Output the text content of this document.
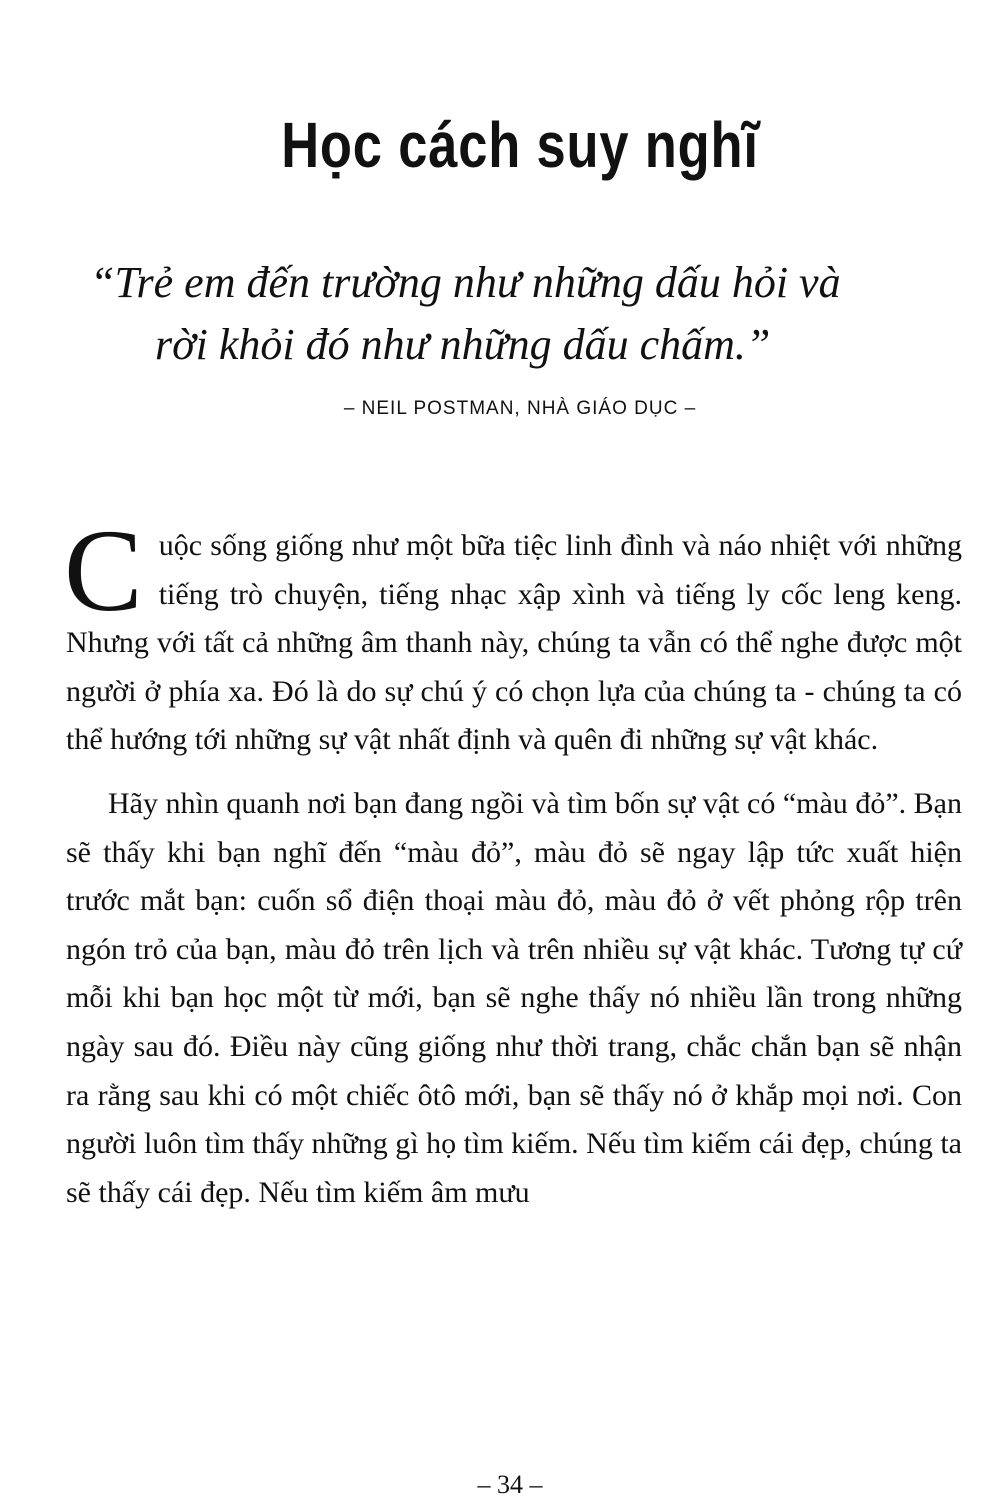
Học cách suy nghĩ
“Trẻ em đến trường như những dấu hỏi và
rời khỏi đó như những dấu chấm.”

– NEIL POSTMAN, NHÀ GIÁO DỤC –

Cuộc sống giống như một bữa tiệc linh đình và náo nhiệt với những tiếng trò chuyện, tiếng nhạc xập xình và tiếng ly cốc leng keng. Nhưng với tất cả những âm thanh này, chúng ta vẫn có thể nghe được một người ở phía xa. Đó là do sự chú ý có chọn lựa của chúng ta - chúng ta có thể hướng tới những sự vật nhất định và quên đi những sự vật khác.

Hãy nhìn quanh nơi bạn đang ngồi và tìm bốn sự vật có “màu đỏ”. Bạn sẽ thấy khi bạn nghĩ đến “màu đỏ”, màu đỏ sẽ ngay lập tức xuất hiện trước mắt bạn: cuốn sổ điện thoại màu đỏ, màu đỏ ở vết phỏng rộp trên ngón trỏ của bạn, màu đỏ trên lịch và trên nhiều sự vật khác. Tương tự cứ mỗi khi bạn học một từ mới, bạn sẽ nghe thấy nó nhiều lần trong những ngày sau đó. Điều này cũng giống như thời trang, chắc chắn bạn sẽ nhận ra rằng sau khi có một chiếc ôtô mới, bạn sẽ thấy nó ở khắp mọi nơi. Con người luôn tìm thấy những gì họ tìm kiếm. Nếu tìm kiếm cái đẹp, chúng ta sẽ thấy cái đẹp. Nếu tìm kiếm âm mưu

– 34 –
